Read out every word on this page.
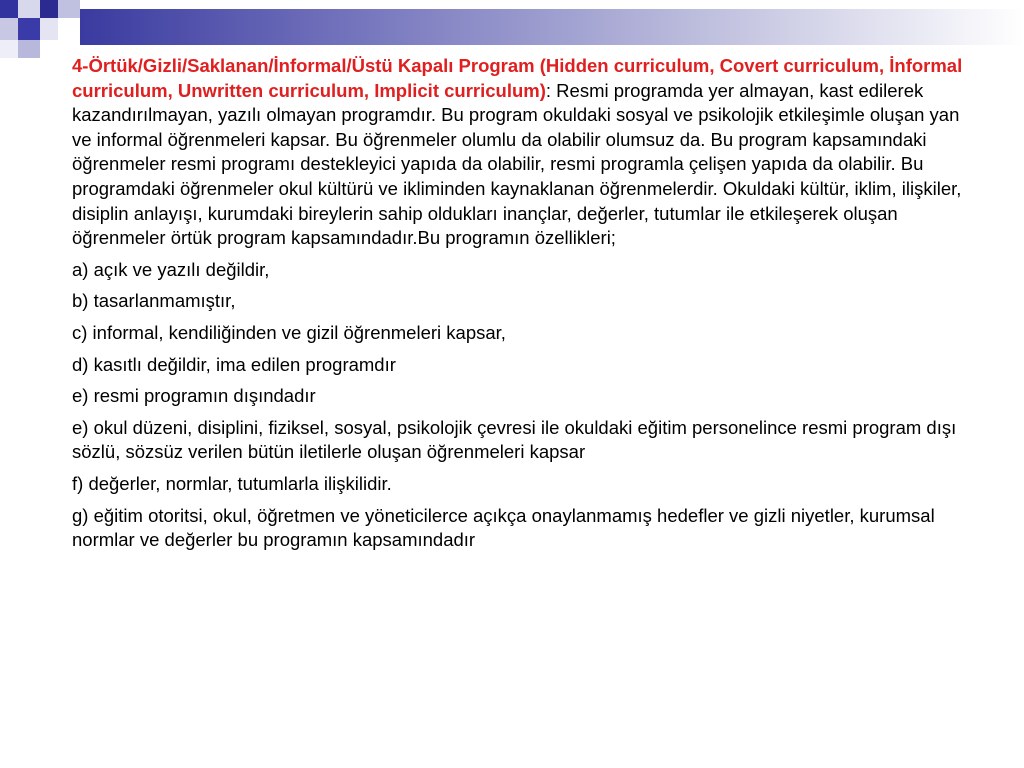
4-Örtük/Gizli/Saklanan/İnformal/Üstü Kapalı Program (Hidden curriculum, Covert curriculum, İnformal curriculum, Unwritten curriculum, Implicit curriculum): Resmi programda yer almayan, kast edilerek kazandırılmayan, yazılı olmayan programdır. Bu program okuldaki sosyal ve psikolojik etkileşimle oluşan yan ve informal öğrenmeleri kapsar. Bu öğrenmeler olumlu da olabilir olumsuz da. Bu program kapsamındaki öğrenmeler resmi programı destekleyici yapıda da olabilir, resmi programla çelişen yapıda da olabilir. Bu programdaki öğrenmeler okul kültürü ve ikliminden kaynaklanan öğrenmelerdir. Okuldaki kültür, iklim, ilişkiler, disiplin anlayışı, kurumdaki bireylerin sahip oldukları inançlar, değerler, tutumlar ile etkileşerek oluşan öğrenmeler örtük program kapsamındadır.Bu programın özellikleri;

a) açık ve yazılı değildir,

b) tasarlanmamıştır,

c) informal, kendiliğinden ve gizil öğrenmeleri kapsar,

d) kasıtlı değildir, ima edilen programdır

e) resmi programın dışındadır

e) okul düzeni, disiplini, fiziksel, sosyal, psikolojik çevresi ile okuldaki eğitim personelince resmi program dışı sözlü, sözsüz verilen bütün iletilerle oluşan öğrenmeleri kapsar

f) değerler, normlar, tutumlarla ilişkilidir.

g) eğitim otoritsi, okul, öğretmen ve yöneticilerce açıkça onaylanmamış hedefler ve gizli niyetler, kurumsal normlar ve değerler bu programın kapsamındadır
